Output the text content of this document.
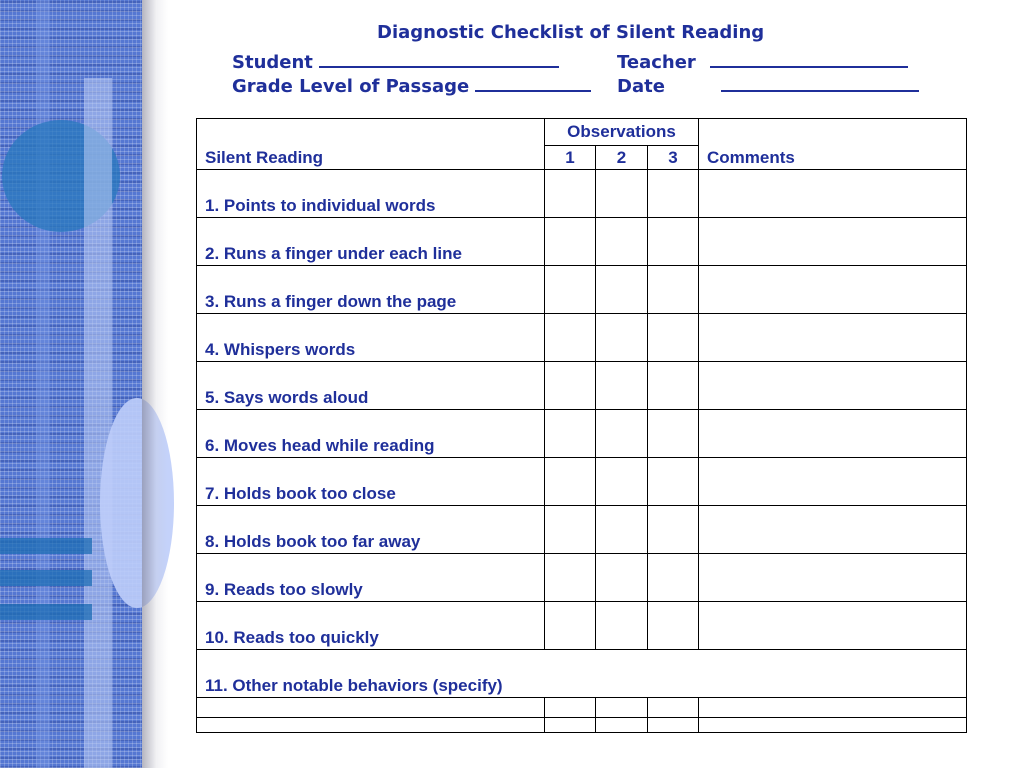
Diagnostic Checklist of Silent Reading
Student	Teacher
Grade Level of Passage	Date
Silent Reading	Observations			Comments
	1	2	3	
1. Points to individual words				
2. Runs a finger under each line				
3. Runs a finger down the page				
4. Whispers words				
5. Says words aloud				
6. Moves head while reading				
7. Holds book too close				
8. Holds book too far away				
9. Reads too slowly				
10. Reads too quickly				
11. Other notable behaviors (specify)				
